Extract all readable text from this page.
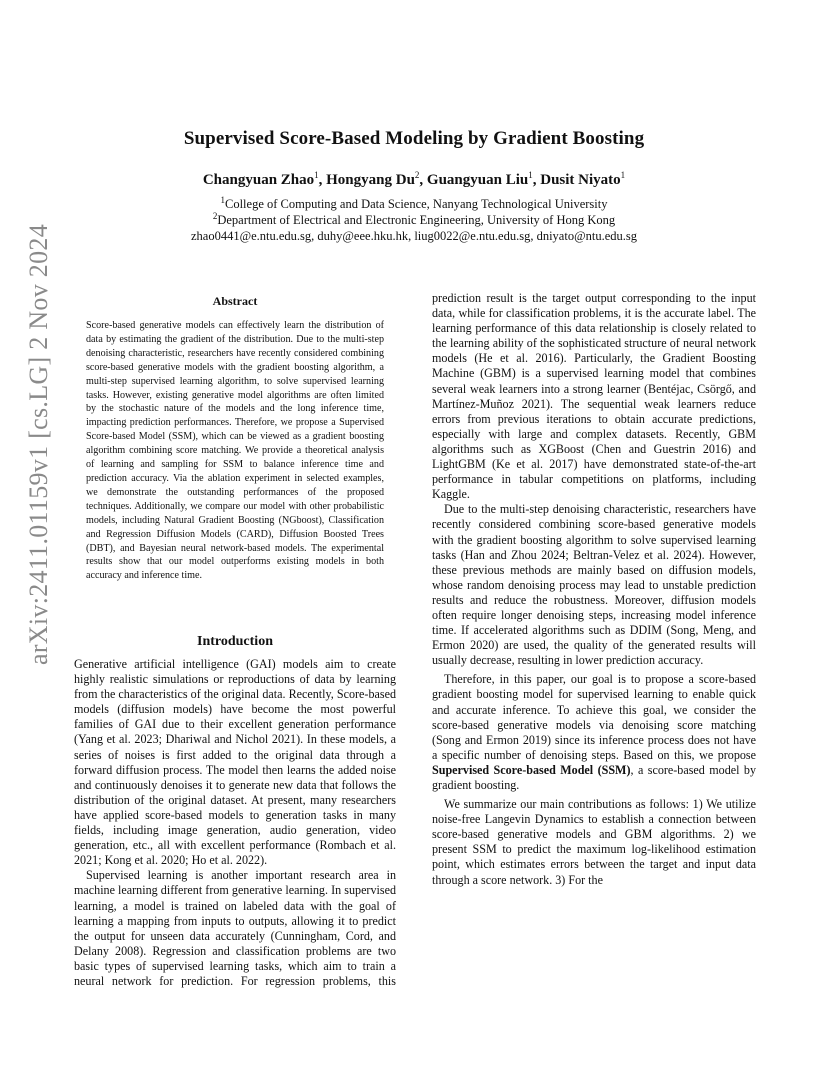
arXiv:2411.01159v1 [cs.LG] 2 Nov 2024
Supervised Score-Based Modeling by Gradient Boosting
Changyuan Zhao$^1$, Hongyang Du$^2$, Guangyuan Liu$^1$, Dusit Niyato$^1$
$^1$College of Computing and Data Science, Nanyang Technological University
$^2$Department of Electrical and Electronic Engineering, University of Hong Kong
zhao0441@e.ntu.edu.sg, duhy@eee.hku.hk, liug0022@e.ntu.edu.sg, dniyato@ntu.edu.sg
Abstract
Score-based generative models can effectively learn the distribution of data by estimating the gradient of the distribution. Due to the multi-step denoising characteristic, researchers have recently considered combining score-based generative models with the gradient boosting algorithm, a multi-step supervised learning algorithm, to solve supervised learning tasks. However, existing generative model algorithms are often limited by the stochastic nature of the models and the long inference time, impacting prediction performances. Therefore, we propose a Supervised Score-based Model (SSM), which can be viewed as a gradient boosting algorithm combining score matching. We provide a theoretical analysis of learning and sampling for SSM to balance inference time and prediction accuracy. Via the ablation experiment in selected examples, we demonstrate the outstanding performances of the proposed techniques. Additionally, we compare our model with other probabilistic models, including Natural Gradient Boosting (NGboost), Classification and Regression Diffusion Models (CARD), Diffusion Boosted Trees (DBT), and Bayesian neural network-based models. The experimental results show that our model outperforms existing models in both accuracy and inference time.
Introduction

Generative artificial intelligence (GAI) models aim to create highly realistic simulations or reproductions of data by learning from the characteristics of the original data. Recently, Score-based models (diffusion models) have become the most powerful families of GAI due to their excellent generation performance (Yang et al. 2023; Dhariwal and Nichol 2021). In these models, a series of noises is first added to the original data through a forward diffusion process. The model then learns the added noise and continuously denoises it to generate new data that follows the distribution of the original dataset. At present, many researchers have applied score-based models to generation tasks in many fields, including image generation, audio generation, video generation, etc., all with excellent performance (Rombach et al. 2021; Kong et al. 2020; Ho et al. 2022).

Supervised learning is another important research area in machine learning different from generative learning. In supervised learning, a model is trained on labeled data with the goal of learning a mapping from inputs to outputs, allowing it to predict the output for unseen data accurately (Cunningham, Cord, and Delany 2008). Regression and classification problems are two basic types of supervised learning tasks, which aim to train a neural network for prediction. For regression problems, this

prediction result is the target output corresponding to the input data, while for classification problems, it is the accurate label. The learning performance of this data relationship is closely related to the learning ability of the sophisticated structure of neural network models (He et al. 2016). Particularly, the Gradient Boosting Machine (GBM) is a supervised learning model that combines several weak learners into a strong learner (Bentéjac, Csörgő, and Martínez-Muñoz 2021). The sequential weak learners reduce errors from previous iterations to obtain accurate predictions, especially with large and complex datasets. Recently, GBM algorithms such as XGBoost (Chen and Guestrin 2016) and LightGBM (Ke et al. 2017) have demonstrated state-of-the-art performance in tabular competitions on platforms, including Kaggle.

Due to the multi-step denoising characteristic, researchers have recently considered combining score-based generative models with the gradient boosting algorithm to solve supervised learning tasks (Han and Zhou 2024; Beltran-Velez et al. 2024). However, these previous methods are mainly based on diffusion models, whose random denoising process may lead to unstable prediction results and reduce the robustness. Moreover, diffusion models often require longer denoising steps, increasing model inference time. If accelerated algorithms such as DDIM (Song, Meng, and Ermon 2020) are used, the quality of the generated results will usually decrease, resulting in lower prediction accuracy.

Therefore, in this paper, our goal is to propose a score-based gradient boosting model for supervised learning to enable quick and accurate inference. To achieve this goal, we consider the score-based generative models via denoising score matching (Song and Ermon 2019) since its inference process does not have a specific number of denoising steps. Based on this, we propose Supervised Score-based Model (SSM), a score-based model by gradient boosting.

We summarize our main contributions as follows: 1) We utilize noise-free Langevin Dynamics to establish a connection between score-based generative models and GBM algorithms. 2) we present SSM to predict the maximum log-likelihood estimation point, which estimates errors between the target and input data through a score network. 3) For the
